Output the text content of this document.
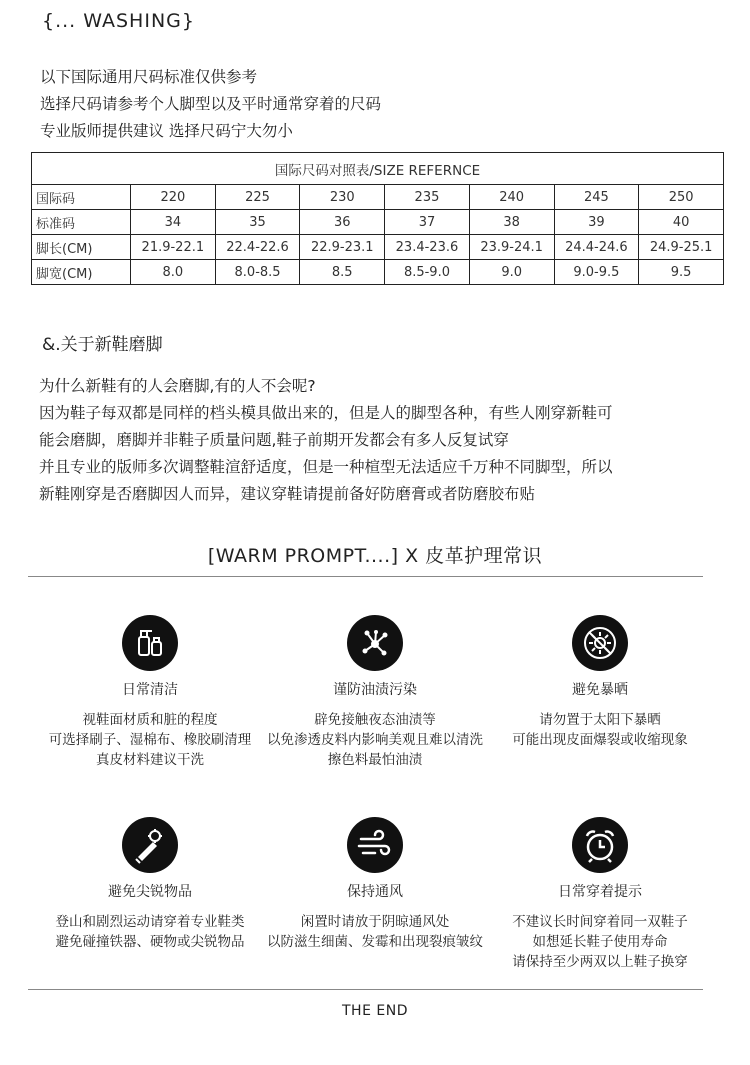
{... WASHING}
以下国际通用尺码标准仅供参考
选择尺码请参考个人脚型以及平时通常穿着的尺码
专业版师提供建议 选择尺码宁大勿小
国际尺码对照表/SIZE REFERNCE							
国际码	220	225	230	235	240	245	250
标准码	34	35	36	37	38	39	40
脚长(CM)	21.9-22.1	22.4-22.6	22.9-23.1	23.4-23.6	23.9-24.1	24.4-24.6	24.9-25.1
脚宽(CM)	8.0	8.0-8.5	8.5	8.5-9.0	9.0	9.0-9.5	9.5
&.关于新鞋磨脚
为什么新鞋有的人会磨脚,有的人不会呢?
因为鞋子每双都是同样的档头模具做出来的，但是人的脚型各种，有些人刚穿新鞋可
能会磨脚，磨脚并非鞋子质量问题,鞋子前期开发都会有多人反复试穿
并且专业的版师多次调整鞋渲舒适度，但是一种楦型无法适应千万种不同脚型，所以
新鞋刚穿是否磨脚因人而异，建议穿鞋请提前备好防磨膏或者防磨胶布贴
[WARM PROMPT....] X 皮革护理常识
日常清洁
视鞋面材质和脏的程度
可选择刷子、湿棉布、橡胶刷清理
真皮材料建议干洗
谨防油渍污染
辟免接触夜态油渍等
以免渗透皮料内影响美观且难以清洗
擦色料最怕油渍
避免暴晒
请勿置于太阳下暴晒
可能出现皮面爆裂或收缩现象
避免尖锐物品
登山和剧烈运动请穿着专业鞋类
避免碰撞铁器、硬物或尖锐物品
保持通风
闲置时请放于阴晾通风处
以防滋生细菌、发霉和出现裂痕皱纹
日常穿着提示
不建议长时间穿着同一双鞋子
如想延长鞋子使用寿命
请保持至少两双以上鞋子换穿
THE END
